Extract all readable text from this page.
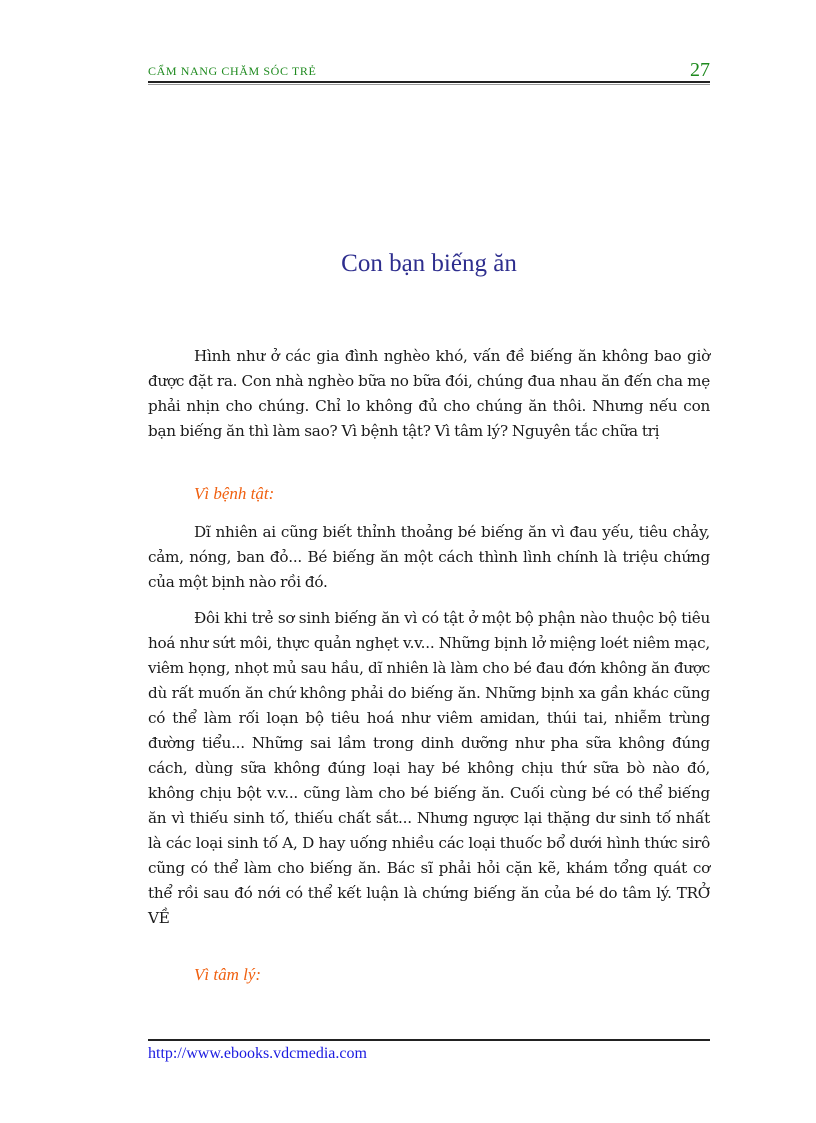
CẨM NANG CHĂM SÓC TRẺ	27
Con bạn biếng ăn

Hình như ở các gia đình nghèo khó, vấn đề biếng ăn không bao giờ được đặt ra. Con nhà nghèo bữa no bữa đói, chúng đua nhau ăn đến cha mẹ phải nhịn cho chúng. Chỉ lo không đủ cho chúng ăn thôi. Nhưng nếu con bạn biếng ăn thì làm sao? Vì bệnh tật? Vì tâm lý? Nguyên tắc chữa trị

Vì bệnh tật:

Dĩ nhiên ai cũng biết thỉnh thoảng bé biếng ăn vì đau yếu, tiêu chảy, cảm, nóng, ban đỏ... Bé biếng ăn một cách thình lình chính là triệu chứng của một bịnh nào rồi đó.

Đôi khi trẻ sơ sinh biếng ăn vì có tật ở một bộ phận nào thuộc bộ tiêu hoá như sứt môi, thực quản nghẹt v.v... Những bịnh lở miệng loét niêm mạc, viêm họng, nhọt mủ sau hầu, dĩ nhiên là làm cho bé đau đớn không ăn được dù rất muốn ăn chứ không phải do biếng ăn. Những bịnh xa gần khác cũng có thể làm rối loạn bộ tiêu hoá như viêm amidan, thúi tai, nhiễm trùng đường tiểu... Những sai lầm trong dinh dưỡng như pha sữa không đúng cách, dùng sữa không đúng loại hay bé không chịu thứ sữa bò nào đó, không chịu bột v.v... cũng làm cho bé biếng ăn. Cuối cùng bé có thể biếng ăn vì thiếu sinh tố, thiếu chất sắt... Nhưng ngược lại thặng dư sinh tố nhất là các loại sinh tố A, D hay uống nhiều các loại thuốc bổ dưới hình thức sirô cũng có thể làm cho biếng ăn. Bác sĩ phải hỏi cặn kẽ, khám tổng quát cơ thể rồi sau đó nới có thể kết luận là chứng biếng ăn của bé do tâm lý. TRỞ VỀ

Vì tâm lý:
http://www.ebooks.vdcmedia.com
